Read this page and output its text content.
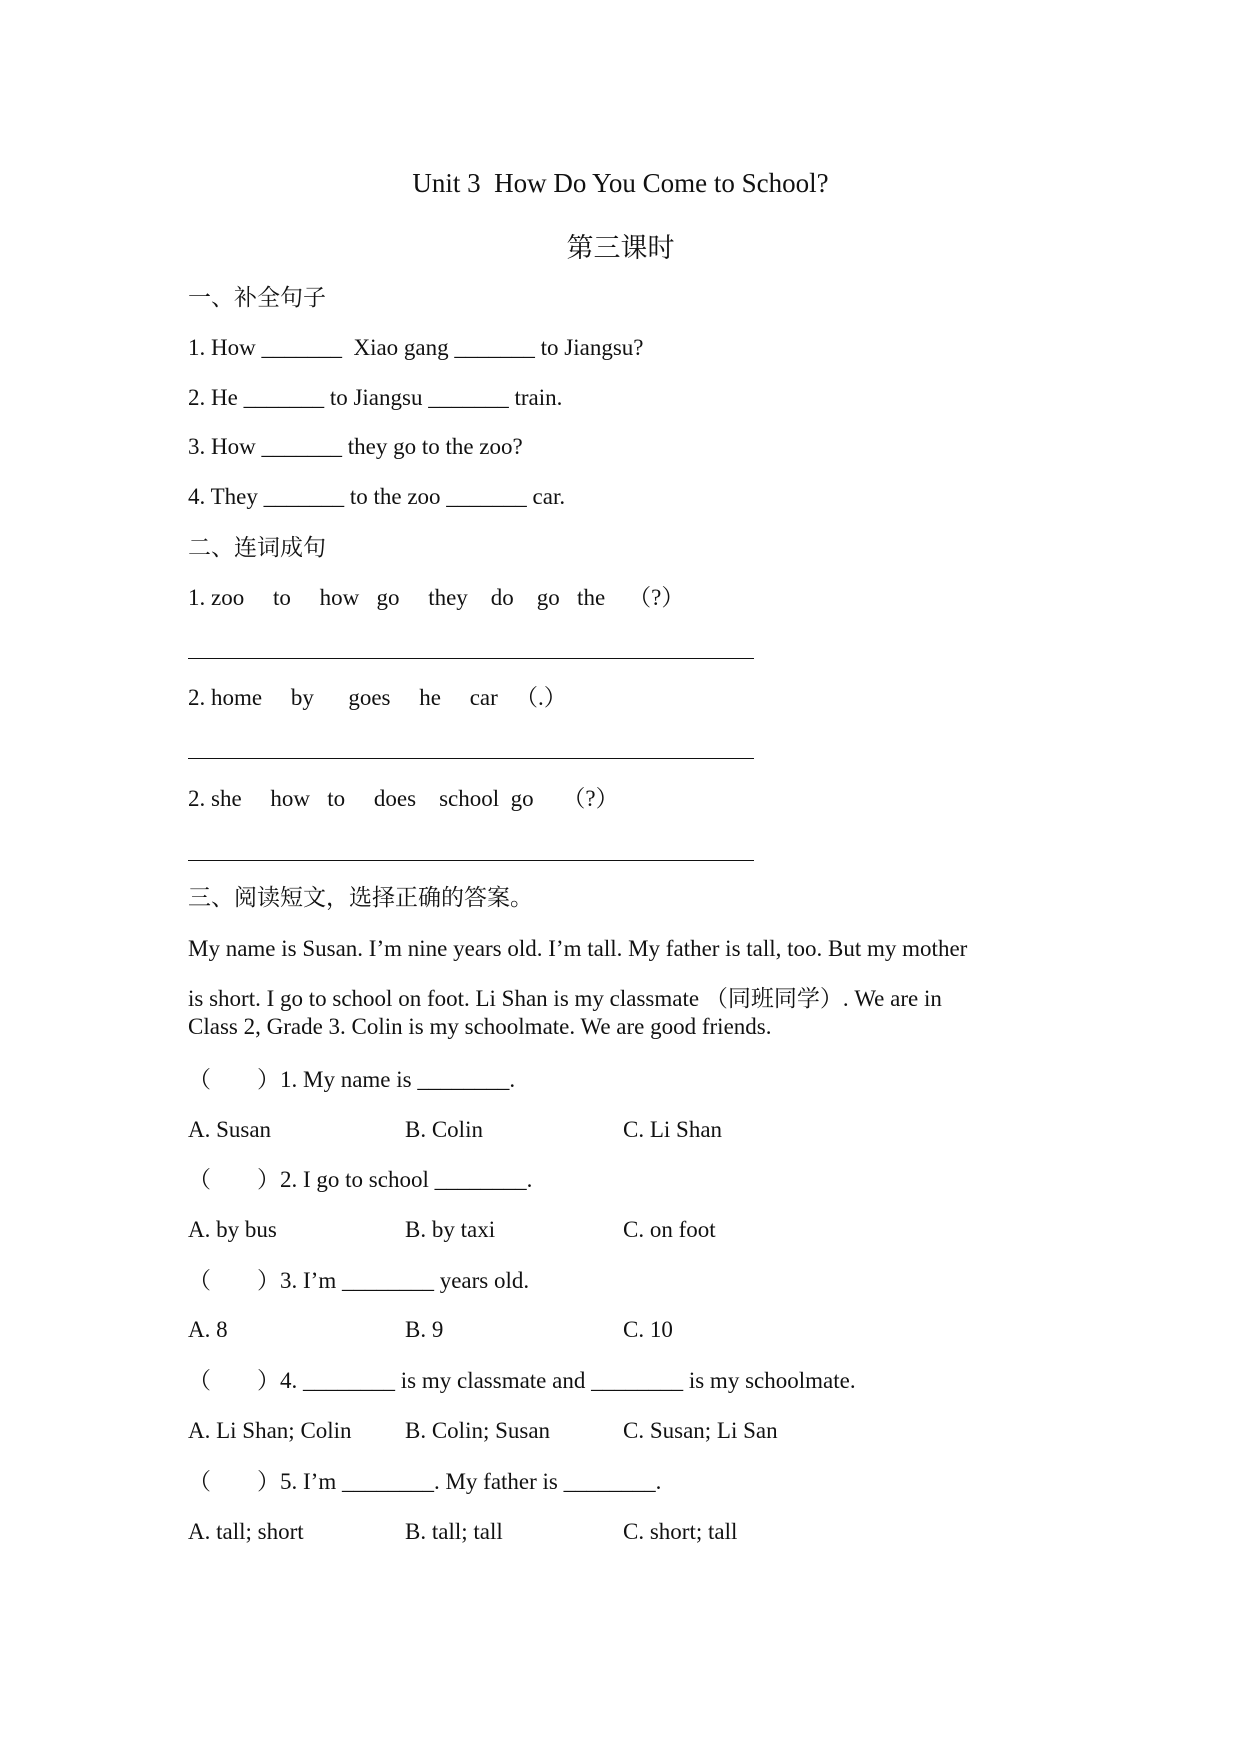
Unit 3  How Do You Come to School?
第三课时
一、补全句子
1. How _______  Xiao gang _______ to Jiangsu?
2. He _______ to Jiangsu _______ train.
3. How _______ they go to the zoo?
4. They _______ to the zoo _______ car.
二、连词成句
1. zoo     to     how   go     they    do    go   the    （?）
2. home     by      goes     he     car   （.）
2. she     how   to     does    school  go     （?）
三、阅读短文，选择正确的答案。
My name is Susan. I’m nine years old. I’m tall. My father is tall, too. But my mother
is short. I go to school on foot. Li Shan is my classmate （同班同学）. We are in
Class 2, Grade 3. Colin is my schoolmate. We are good friends.
（        ）1. My name is ________.
A. Susan	B. Colin	C. Li Shan
（        ）2. I go to school ________.
A. by bus	B. by taxi	C. on foot
（        ）3. I’m ________ years old.
A. 8	B. 9	C. 10
（        ）4. ________ is my classmate and ________ is my schoolmate.
A. Li Shan; Colin B. Colin; Susan	C. Susan; Li San
（        ）5. I’m ________. My father is ________.
A. tall; short	B. tall; tall	C. short; tall
